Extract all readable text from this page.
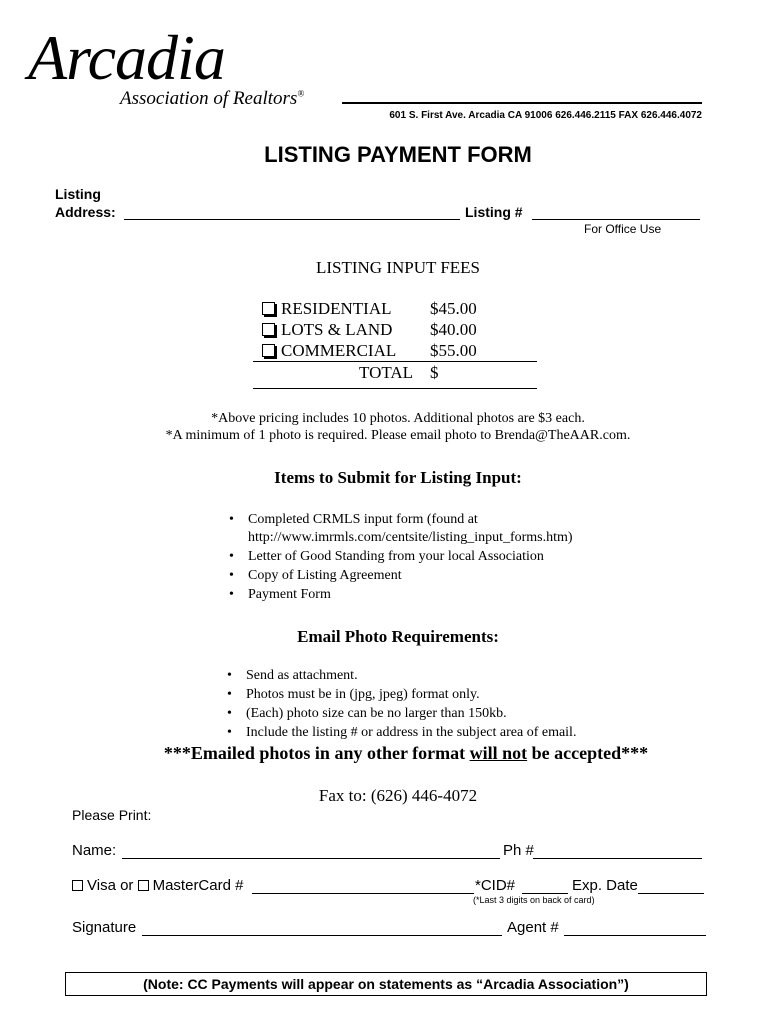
Arcadia
Association of Realtors®
601 S. First Ave. Arcadia CA 91006 626.446.2115 FAX 626.446.4072
LISTING PAYMENT FORM
Listing
Address:	Listing #
For Office Use
LISTING INPUT FEES
RESIDENTIAL $45.00
LOTS & LAND $40.00
COMMERCIAL $55.00
TOTAL $
*Above pricing includes 10 photos. Additional photos are $3 each.
*A minimum of 1 photo is required. Please email photo to Brenda@TheAAR.com.
Items to Submit for Listing Input:
• Completed CRMLS input form (found at
http://www.imrmls.com/centsite/listing_input_forms.htm)
• Letter of Good Standing from your local Association
• Copy of Listing Agreement
• Payment Form
Email Photo Requirements:
• Send as attachment.
• Photos must be in (jpg, jpeg) format only.
• (Each) photo size can be no larger than 150kb.
• Include the listing # or address in the subject area of email.
***Emailed photos in any other format will not be accepted***
Fax to: (626) 446-4072
Please Print:
Name:	Ph #
Visa or MasterCard #	*CID#	Exp. Date
(*Last 3 digits on back of card)
Signature	Agent #
(Note: CC Payments will appear on statements as “Arcadia Association”)
